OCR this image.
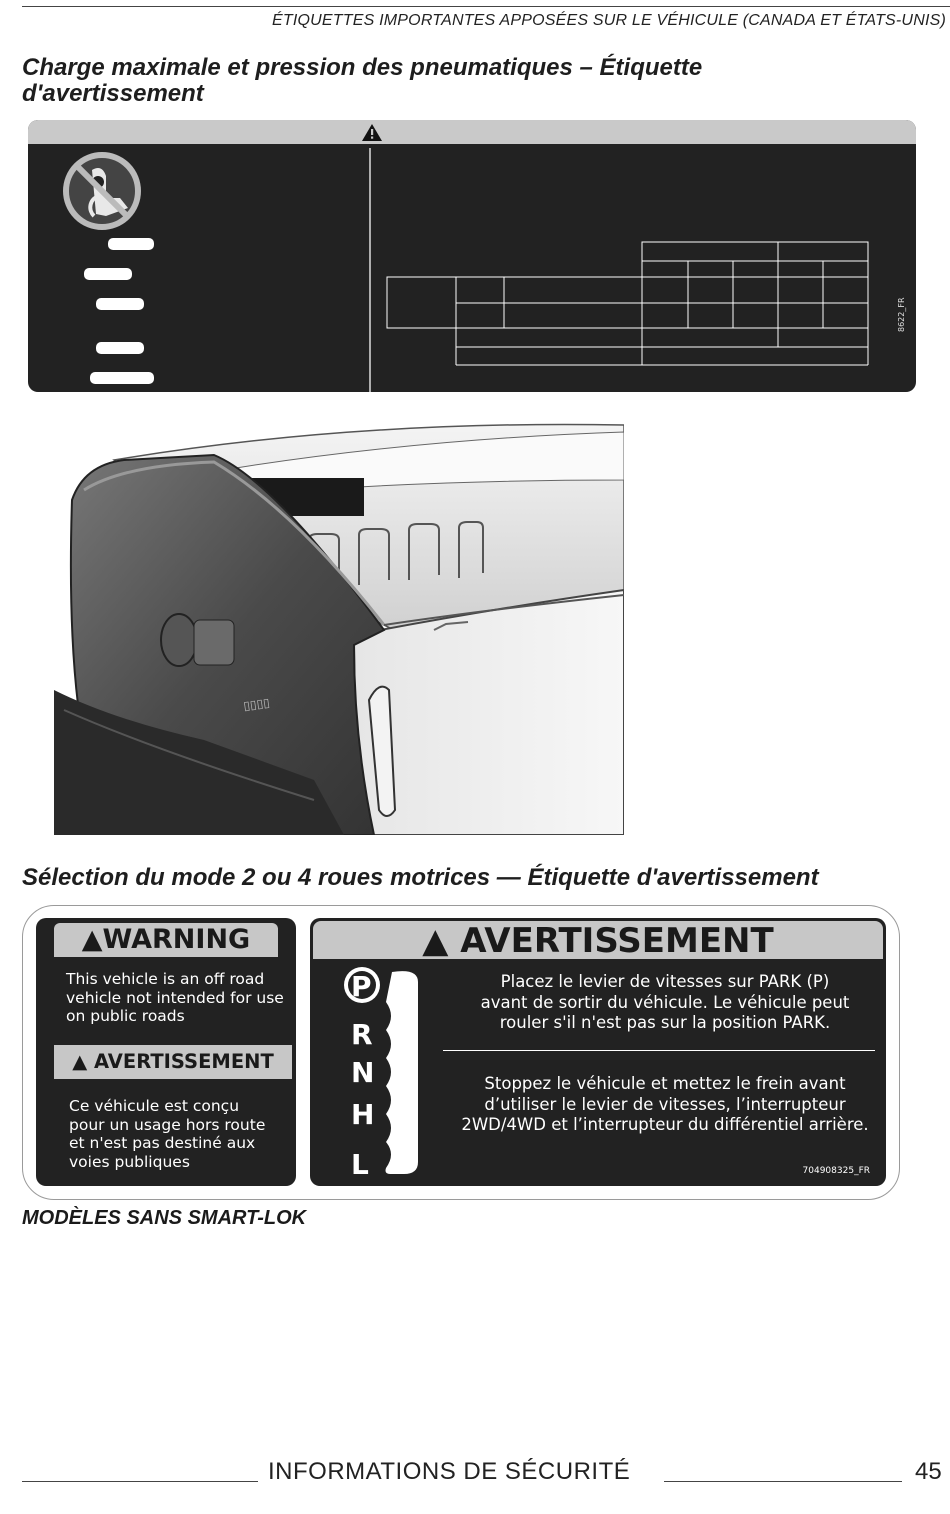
ÉTIQUETTES IMPORTANTES APPOSÉES SUR LE VÉHICULE (CANADA ET ÉTATS-UNIS)
Charge maximale et pression des pneumatiques – Étiquette
d'avertissement
8622_FR
▯▯▯▯
Sélection du mode 2 ou 4 roues motrices — Étiquette d'avertissement
▲WARNING
This vehicle is an off road
vehicle not intended for use
on public roads
▲ AVERTISSEMENT
Ce véhicule est conçu
pour un usage hors route
et n'est pas destiné aux
voies publiques
▲ AVERTISSEMENT
P
R
N
H
L
Placez le levier de vitesses sur PARK (P)
avant de sortir du véhicule. Le véhicule peut
rouler s'il n'est pas sur la position PARK.
Stoppez le véhicule et mettez le frein avant
d’utiliser le levier de vitesses, l’interrupteur
2WD/4WD et l’interrupteur du différentiel arrière.
704908325_FR
MODÈLES SANS SMART-LOK
INFORMATIONS DE SÉCURITÉ	45
